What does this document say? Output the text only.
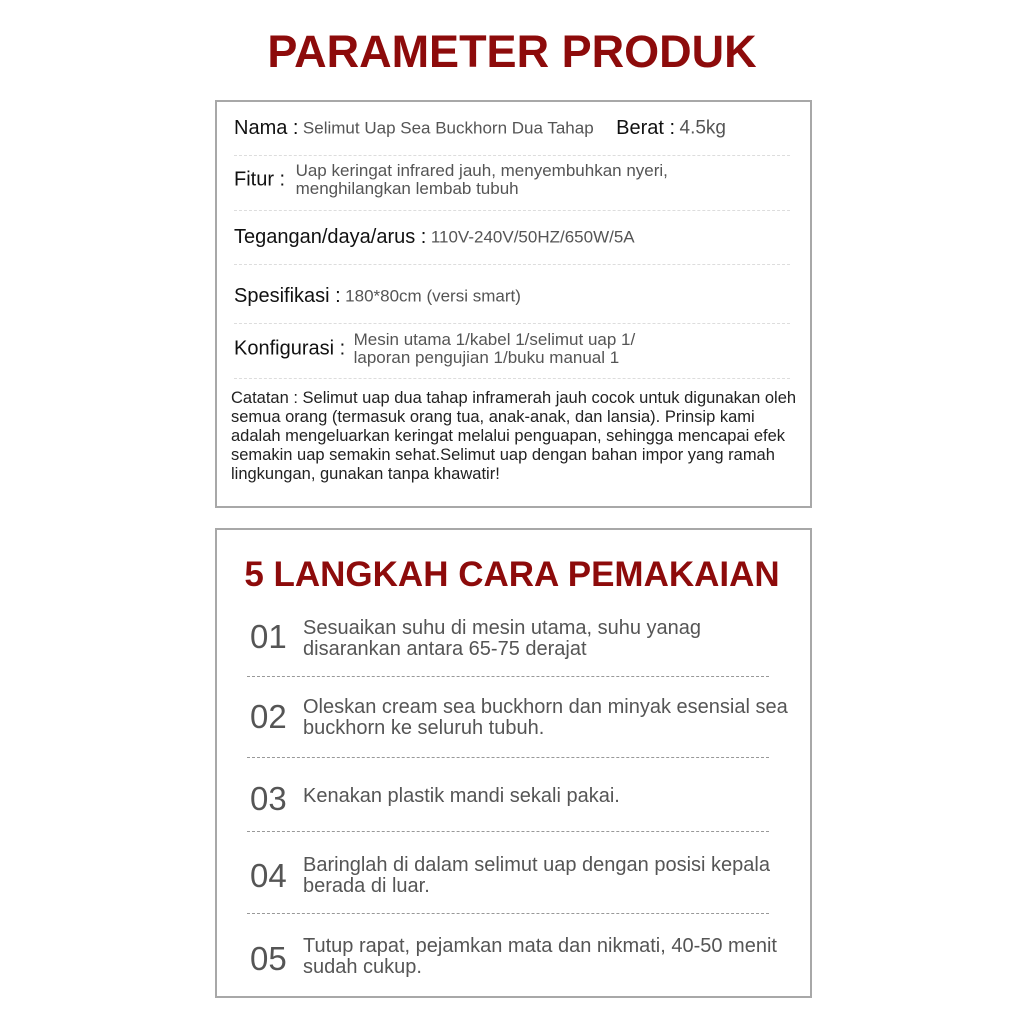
PARAMETER PRODUK
Nama : Selimut Uap Sea Buckhorn Dua Tahap Berat : 4.5kg
Fitur : Uap keringat infrared jauh, menyembuhkan nyeri,
menghilangkan lembab tubuh
Tegangan/daya/arus : 110V-240V/50HZ/650W/5A
Spesifikasi : 180*80cm (versi smart)
Konfigurasi : Mesin utama 1/kabel 1/selimut uap 1/
laporan pengujian 1/buku manual 1
Catatan : Selimut uap dua tahap inframerah jauh cocok untuk digunakan oleh semua orang (termasuk orang tua, anak-anak, dan lansia). Prinsip kami adalah mengeluarkan keringat melalui penguapan, sehingga mencapai efek semakin uap semakin sehat.Selimut uap dengan bahan impor yang ramah lingkungan, gunakan tanpa khawatir!
5 LANGKAH CARA PEMAKAIAN
01 Sesuaikan suhu di mesin utama, suhu yanag disarankan antara 65-75 derajat
02 Oleskan cream sea buckhorn dan minyak esensial sea buckhorn ke seluruh tubuh.
03 Kenakan plastik mandi sekali pakai.
04 Baringlah di dalam selimut uap dengan posisi kepala berada di luar.
05 Tutup rapat, pejamkan mata dan nikmati, 40-50 menit sudah cukup.
